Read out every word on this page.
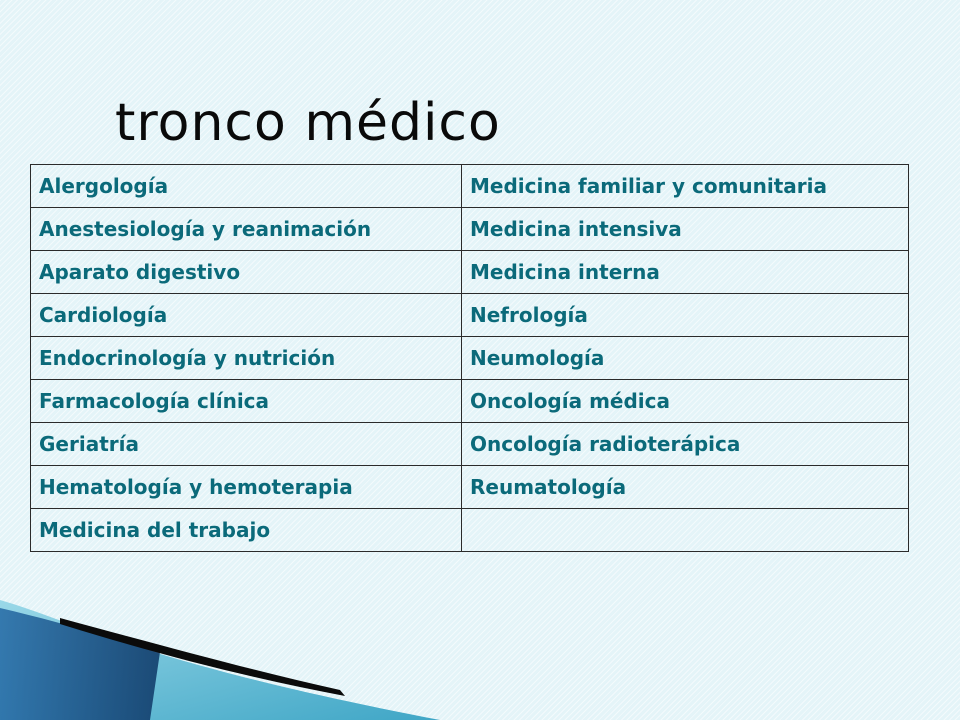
tronco médico
Alergología	Medicina familiar y comunitaria
Anestesiología y reanimación	Medicina intensiva
Aparato digestivo	Medicina interna
Cardiología	Nefrología
Endocrinología y nutrición	Neumología
Farmacología clínica	Oncología médica
Geriatría	Oncología radioterápica
Hematología y hemoterapia	Reumatología
Medicina del trabajo	
